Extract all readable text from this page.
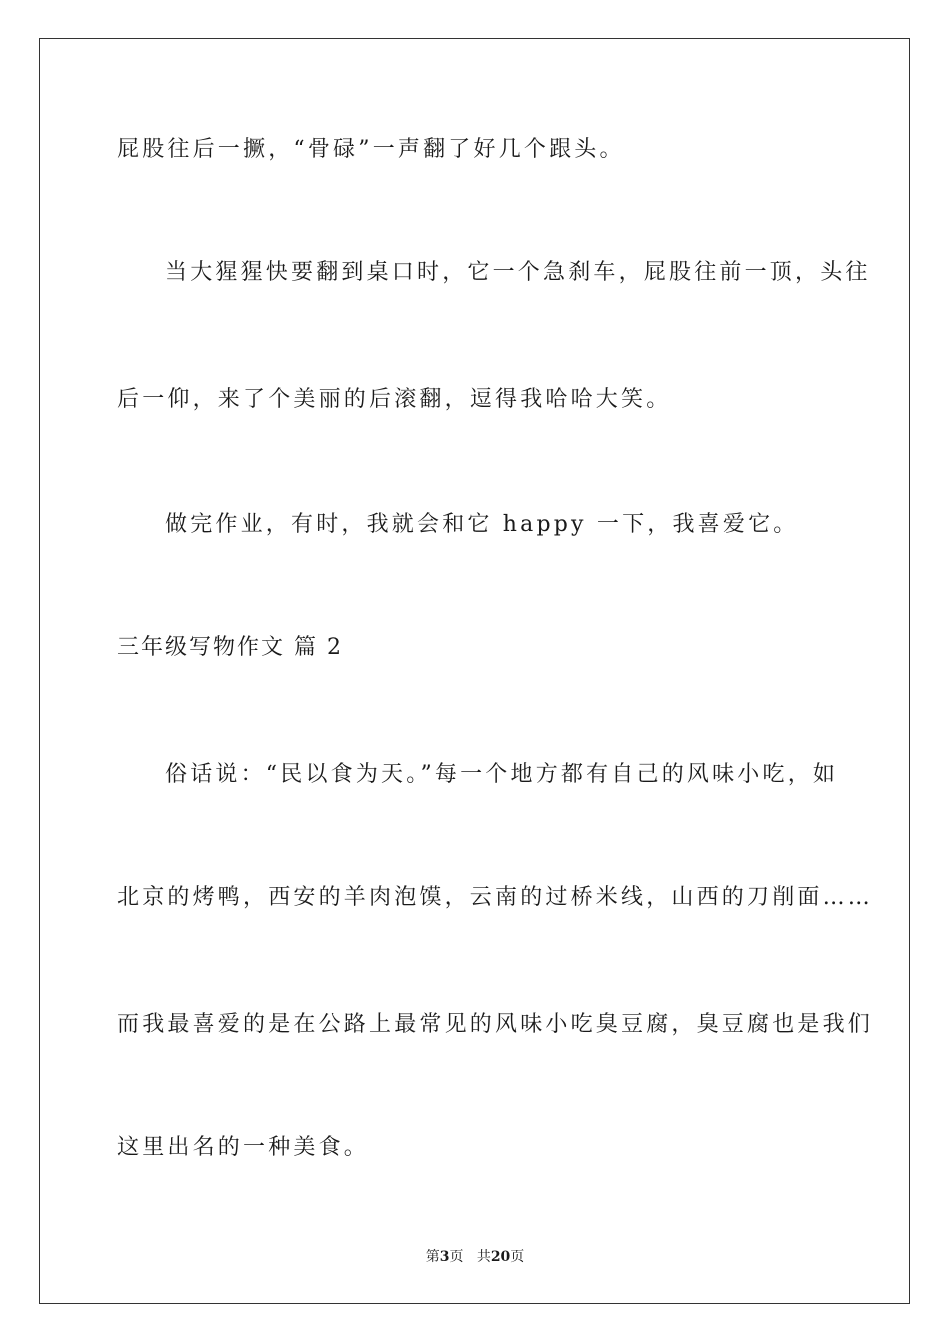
屁股往后一撅，“骨碌”一声翻了好几个跟头。
当大猩猩快要翻到桌口时，它一个急刹车，屁股往前一顶，头往
后一仰，来了个美丽的后滚翻，逗得我哈哈大笑。
做完作业，有时，我就会和它 happy 一下，我喜爱它。
三年级写物作文 篇 2
俗话说：“民以食为天。”每一个地方都有自己的风味小吃，如
北京的烤鸭，西安的羊肉泡馍，云南的过桥米线，山西的刀削面……
而我最喜爱的是在公路上最常见的风味小吃臭豆腐，臭豆腐也是我们
这里出名的一种美食。
第3页 共20页
